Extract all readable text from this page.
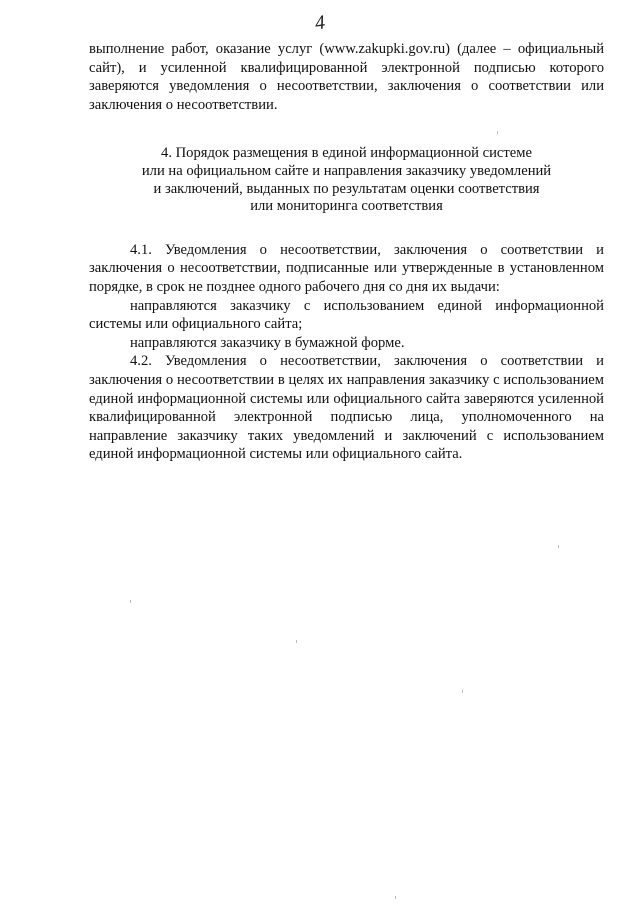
4

выполнение работ, оказание услуг (www.zakupki.gov.ru) (далее – официальный сайт), и усиленной квалифицированной электронной подписью которого заверяются уведомления о несоответствии, заключения о соответствии или заключения о несоответствии.

4. Порядок размещения в единой информационной системе
или на официальном сайте и направления заказчику уведомлений
и заключений, выданных по результатам оценки соответствия
или мониторинга соответствия

4.1. Уведомления о несоответствии, заключения о соответствии и заключения о несоответствии, подписанные или утвержденные в установленном порядке, в срок не позднее одного рабочего дня со дня их выдачи:

направляются заказчику с использованием единой информационной системы или официального сайта;

направляются заказчику в бумажной форме.

4.2. Уведомления о несоответствии, заключения о соответствии и заключения о несоответствии в целях их направления заказчику с использованием единой информационной системы или официального сайта заверяются усиленной квалифицированной электронной подписью лица, уполномоченного на направление заказчику таких уведомлений и заключений с использованием единой информационной системы или официального сайта.
